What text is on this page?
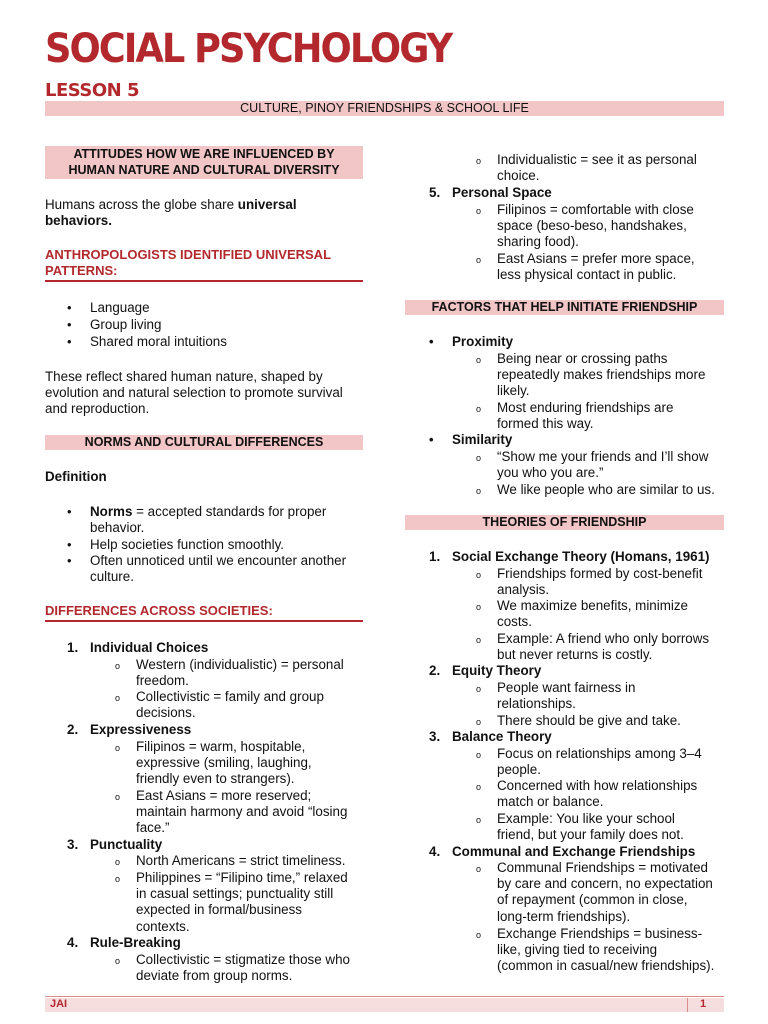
SOCIAL PSYCHOLOGY
LESSON 5
CULTURE, PINOY FRIENDSHIPS & SCHOOL LIFE
ATTITUDES HOW WE ARE INFLUENCED BY
HUMAN NATURE AND CULTURAL DIVERSITY
Humans across the globe share universal
behaviors.
ANTHROPOLOGISTS IDENTIFIED UNIVERSAL
PATTERNS:
• Language
• Group living
• Shared moral intuitions
These reflect shared human nature, shaped by
evolution and natural selection to promote survival
and reproduction.
NORMS AND CULTURAL DIFFERENCES
Definition
• Norms = accepted standards for proper
behavior.
• Help societies function smoothly.
• Often unnoticed until we encounter another
culture.
DIFFERENCES ACROSS SOCIETIES:
1. Individual Choices
o Western (individualistic) = personal
freedom.
o Collectivistic = family and group
decisions.
2. Expressiveness
o Filipinos = warm, hospitable,
expressive (smiling, laughing,
friendly even to strangers).
o East Asians = more reserved;
maintain harmony and avoid “losing
face.”
3. Punctuality
o North Americans = strict timeliness.
o Philippines = “Filipino time,” relaxed
in casual settings; punctuality still
expected in formal/business
contexts.
4. Rule-Breaking
o Collectivistic = stigmatize those who
deviate from group norms.
o Individualistic = see it as personal
choice.
5. Personal Space
o Filipinos = comfortable with close
space (beso-beso, handshakes,
sharing food).
o East Asians = prefer more space,
less physical contact in public.
FACTORS THAT HELP INITIATE FRIENDSHIP
• Proximity
o Being near or crossing paths
repeatedly makes friendships more
likely.
o Most enduring friendships are
formed this way.
• Similarity
o “Show me your friends and I’ll show
you who you are.”
o We like people who are similar to us.
THEORIES OF FRIENDSHIP
1. Social Exchange Theory (Homans, 1961)
o Friendships formed by cost-benefit
analysis.
o We maximize benefits, minimize
costs.
o Example: A friend who only borrows
but never returns is costly.
2. Equity Theory
o People want fairness in
relationships.
o There should be give and take.
3. Balance Theory
o Focus on relationships among 3–4
people.
o Concerned with how relationships
match or balance.
o Example: You like your school
friend, but your family does not.
4. Communal and Exchange Friendships
o Communal Friendships = motivated
by care and concern, no expectation
of repayment (common in close,
long-term friendships).
o Exchange Friendships = business-
like, giving tied to receiving
(common in casual/new friendships).
JAI	1
